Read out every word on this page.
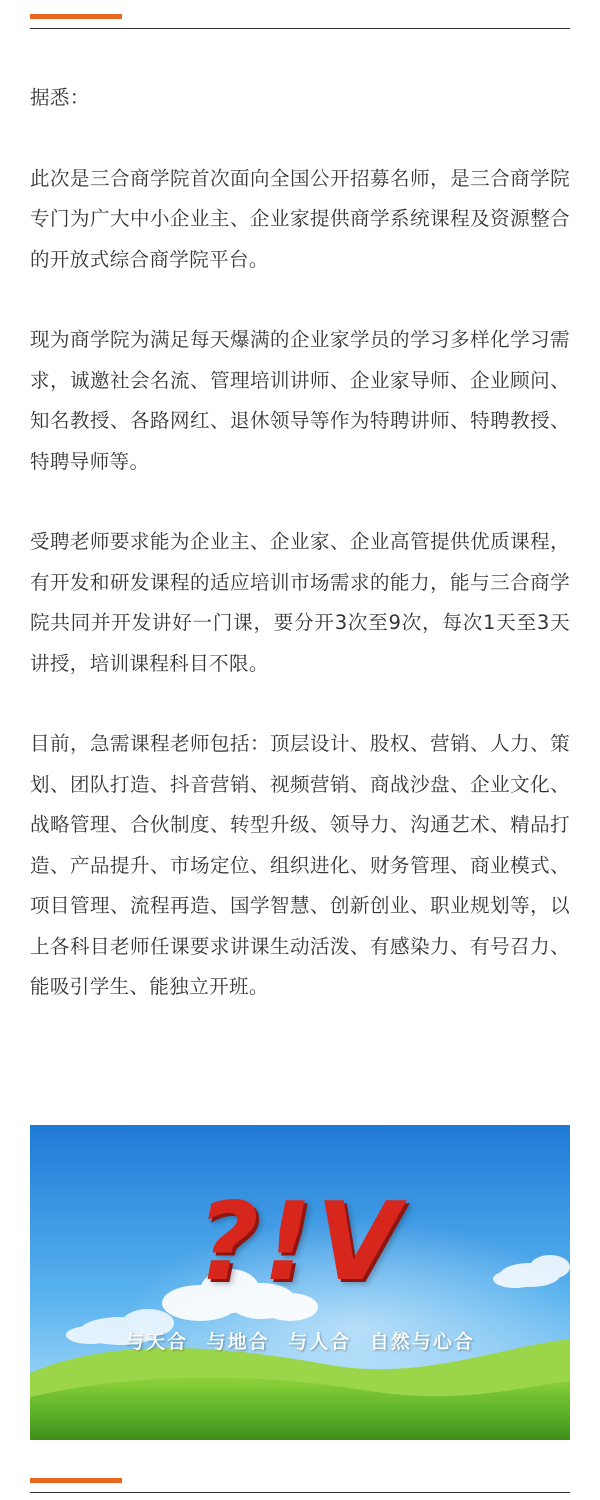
据悉：

此次是三合商学院首次面向全国公开招募名师，是三合商学院专门为广大中小企业主、企业家提供商学系统课程及资源整合的开放式综合商学院平台。

现为商学院为满足每天爆满的企业家学员的学习多样化学习需求，诚邀社会名流、管理培训讲师、企业家导师、企业顾问、知名教授、各路网红、退休领导等作为特聘讲师、特聘教授、特聘导师等。

受聘老师要求能为企业主、企业家、企业高管提供优质课程，有开发和研发课程的适应培训市场需求的能力，能与三合商学院共同并开发讲好一门课，要分开3次至9次，每次1天至3天讲授，培训课程科目不限。

目前，急需课程老师包括：顶层设计、股权、营销、人力、策划、团队打造、抖音营销、视频营销、商战沙盘、企业文化、战略管理、合伙制度、转型升级、领导力、沟通艺术、精品打造、产品提升、市场定位、组织进化、财务管理、商业模式、项目管理、流程再造、国学智慧、创新创业、职业规划等，以上各科目老师任课要求讲课生动活泼、有感染力、有号召力、能吸引学生、能独立开班。

?!V
与天合 与地合 与人合 自然与心合
